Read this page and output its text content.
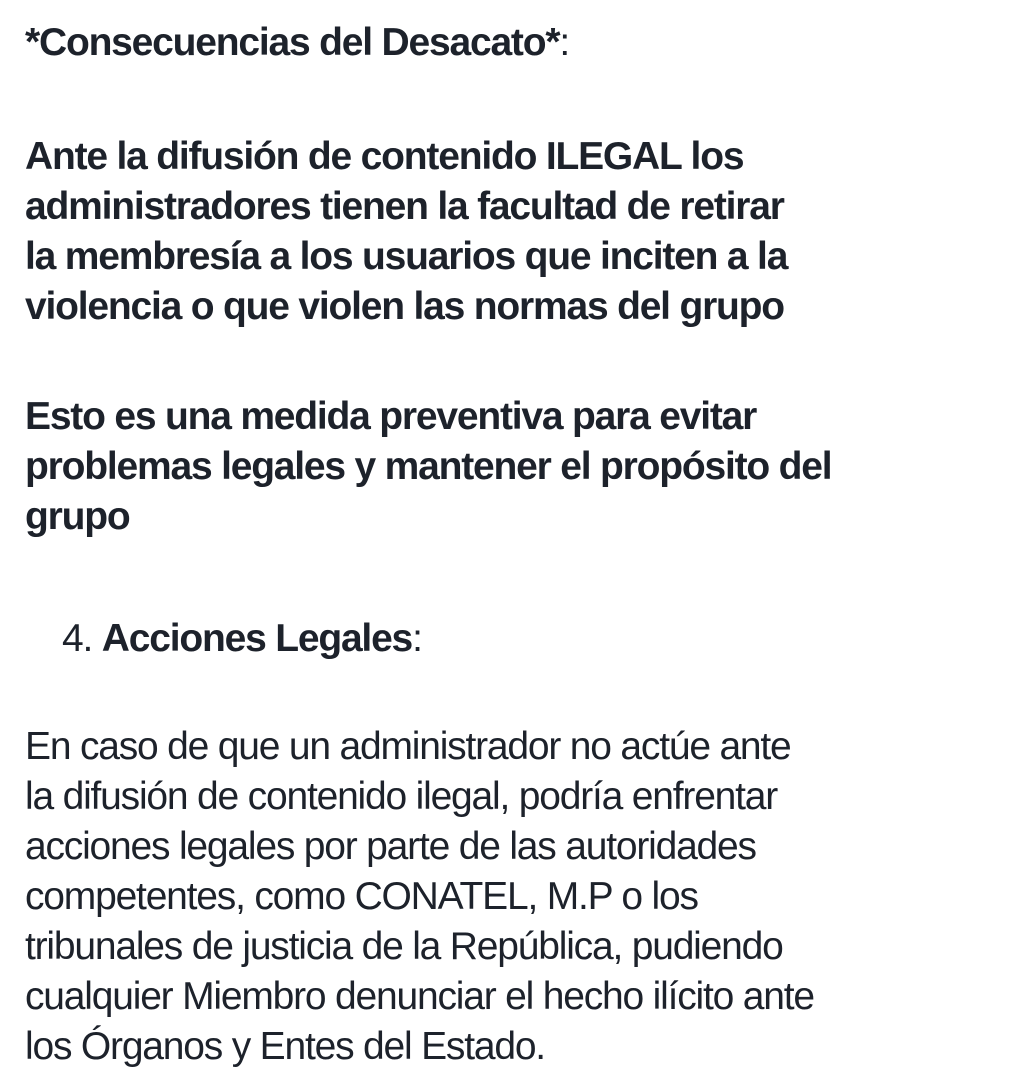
*Consecuencias del Desacato*:
Ante la difusión de contenido ILEGAL los
administradores tienen la facultad de retirar
la membresía a los usuarios que inciten a la
violencia o que violen las normas del grupo
Esto es una medida preventiva para evitar
problemas legales y mantener el propósito del
grupo
4. Acciones Legales:
En caso de que un administrador no actúe ante
la difusión de contenido ilegal, podría enfrentar
acciones legales por parte de las autoridades
competentes, como CONATEL, M.P o los
tribunales de justicia de la República, pudiendo
cualquier Miembro denunciar el hecho ilícito ante
los Órganos y Entes del Estado.
